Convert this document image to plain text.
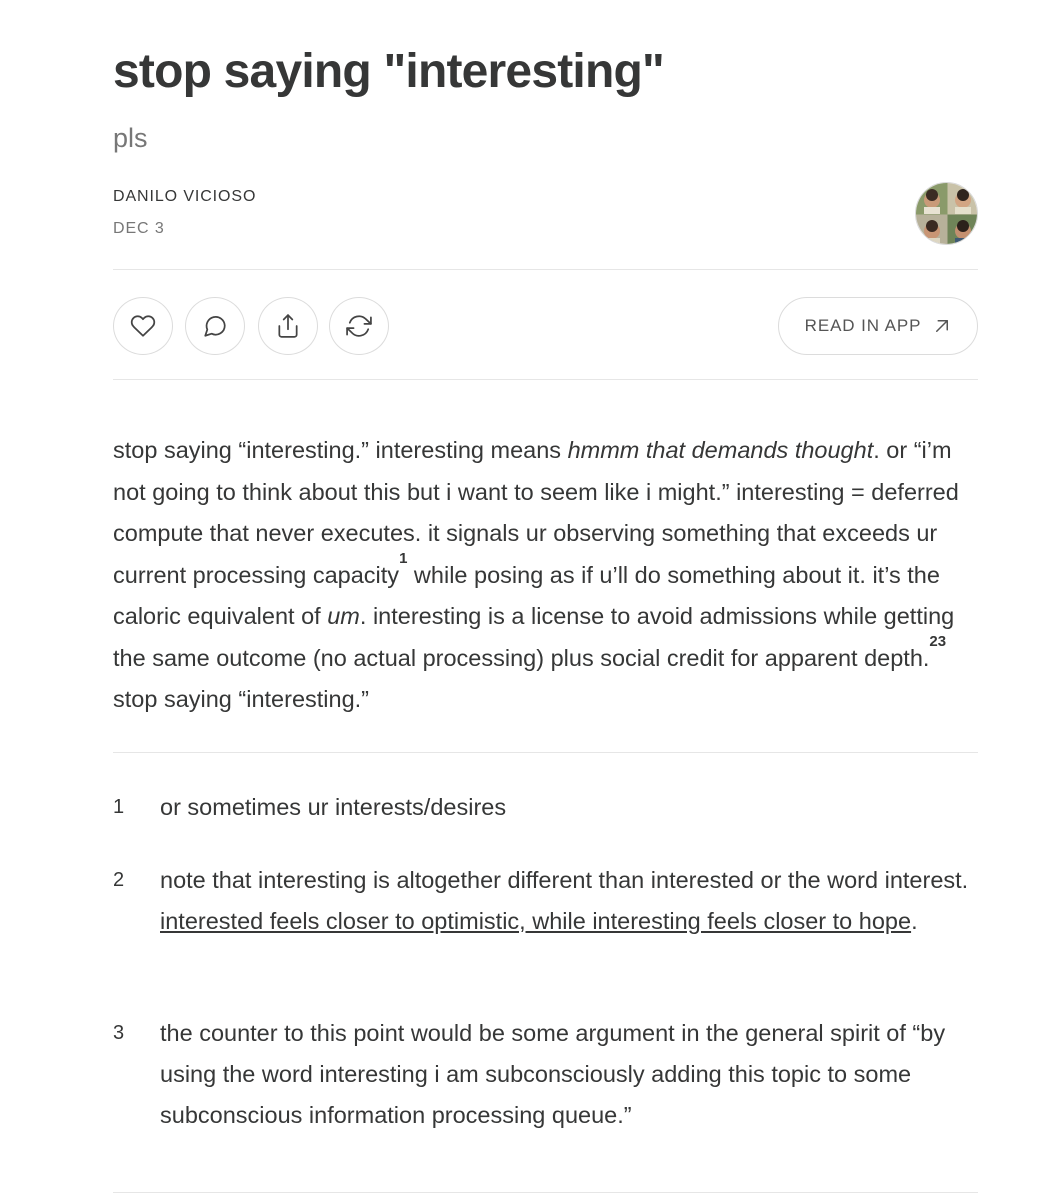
stop saying "interesting"
pls
DANILO VICIOSO
DEC 3
READ IN APP

stop saying “interesting.” interesting means hmmm that demands thought. or “i’m not going to think about this but i want to seem like i might.” interesting = deferred compute that never executes. it signals ur observing something that exceeds ur current processing capacity$^1$ while posing as if u’ll do something about it. it’s the caloric equivalent of um. interesting is a license to avoid admissions while getting the same outcome (no actual processing) plus social credit for apparent depth.$^{23}$ stop saying “interesting.”

1 or sometimes ur interests/desires
2 note that interesting is altogether different than interested or the word interest. interested feels closer to optimistic, while interesting feels closer to hope.
3 the counter to this point would be some argument in the general spirit of “by using the word interesting i am subconsciously adding this topic to some subconscious information processing queue.”
